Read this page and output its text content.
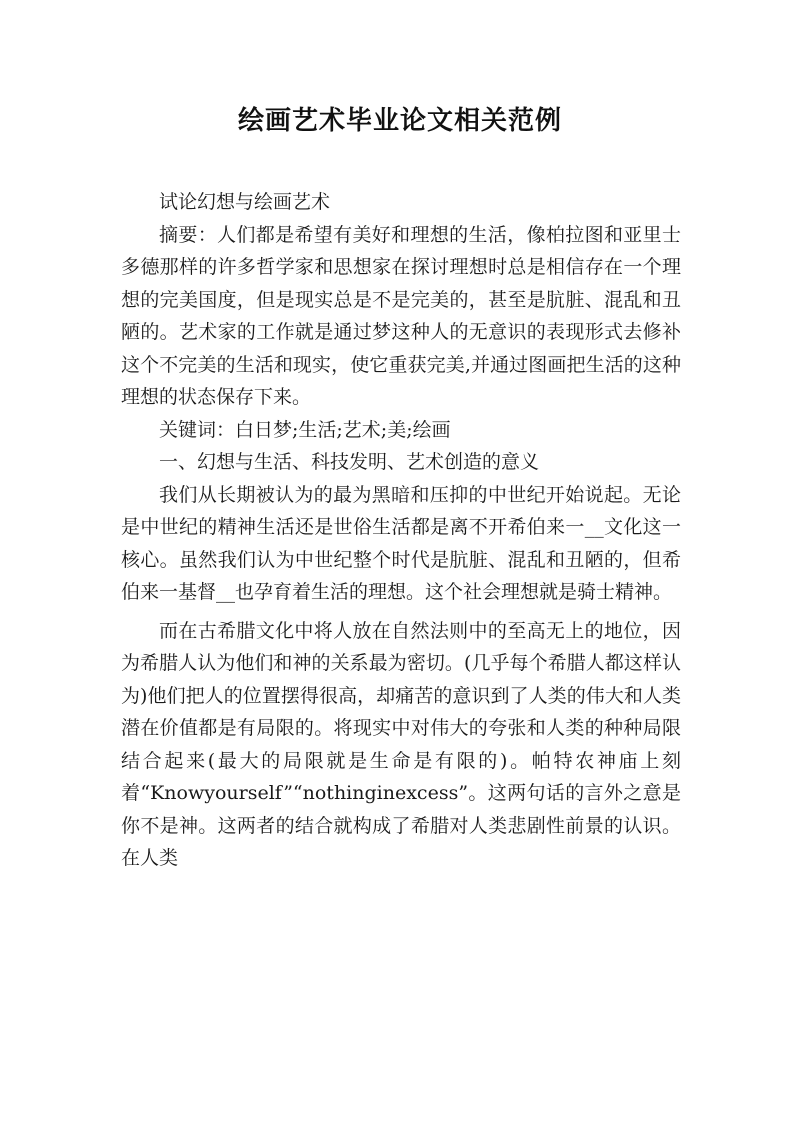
绘画艺术毕业论文相关范例

试论幻想与绘画艺术

摘要：人们都是希望有美好和理想的生活，像柏拉图和亚里士多德那样的许多哲学家和思想家在探讨理想时总是相信存在一个理想的完美国度，但是现实总是不是完美的，甚至是肮脏、混乱和丑陋的。艺术家的工作就是通过梦这种人的无意识的表现形式去修补这个不完美的生活和现实，使它重获完美,并通过图画把生活的这种理想的状态保存下来。

关键词：白日梦;生活;艺术;美;绘画

一、幻想与生活、科技发明、艺术创造的意义

我们从长期被认为的最为黑暗和压抑的中世纪开始说起。无论是中世纪的精神生活还是世俗生活都是离不开希伯来一__文化这一核心。虽然我们认为中世纪整个时代是肮脏、混乱和丑陋的，但希伯来一基督__也孕育着生活的理想。这个社会理想就是骑士精神。

而在古希腊文化中将人放在自然法则中的至高无上的地位，因为希腊人认为他们和神的关系最为密切。(几乎每个希腊人都这样认为)他们把人的位置摆得很高，却痛苦的意识到了人类的伟大和人类潜在价值都是有局限的。将现实中对伟大的夸张和人类的种种局限结合起来(最大的局限就是生命是有限的)。帕特农神庙上刻着“Knowyourself”“nothinginexcess”。这两句话的言外之意是你不是神。这两者的结合就构成了希腊对人类悲剧性前景的认识。在人类
